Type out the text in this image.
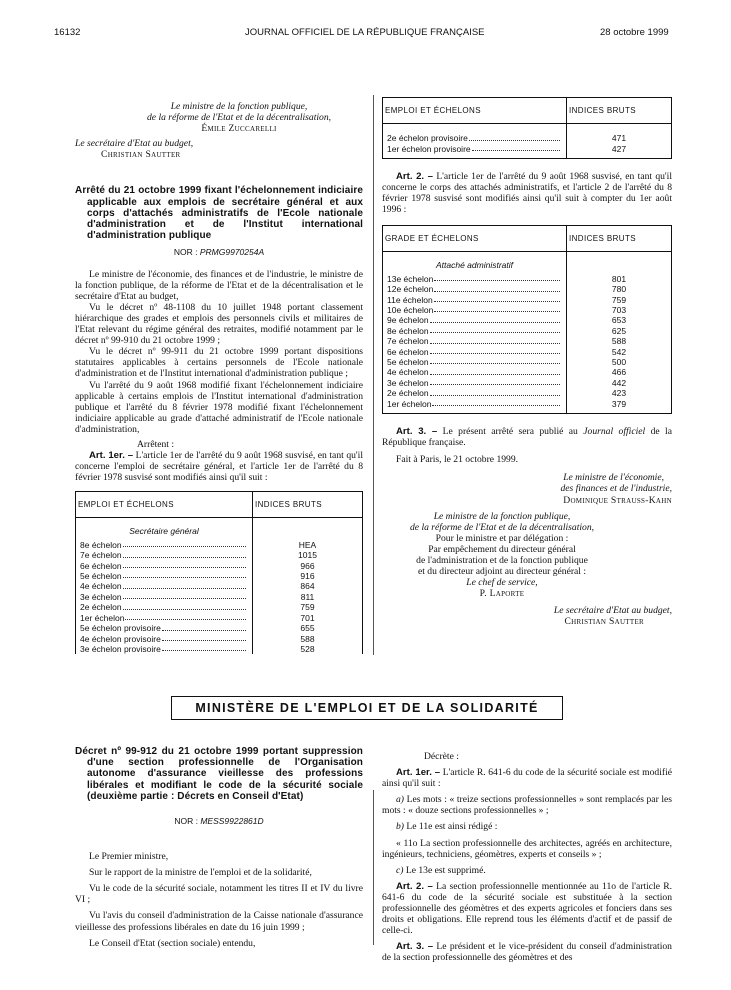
16132	JOURNAL OFFICIEL DE LA RÉPUBLIQUE FRANÇAISE	28 octobre 1999

Le ministre de la fonction publique,

de la réforme de l'Etat et de la décentralisation,

Émile Zuccarelli

Le secrétaire d'Etat au budget,

Christian Sautter

Arrêté du 21 octobre 1999 fixant l'échelonnement indiciaire applicable aux emplois de secrétaire général et aux corps d'attachés administratifs de l'Ecole nationale d'administration et de l'Institut international d'administration publique

NOR : PRMG9970254A

Le ministre de l'économie, des finances et de l'industrie, le ministre de la fonction publique, de la réforme de l'Etat et de la décentralisation et le secrétaire d'Etat au budget,

Vu le décret nº 48-1108 du 10 juillet 1948 portant classement hiérarchique des grades et emplois des personnels civils et militaires de l'Etat relevant du régime général des retraites, modifié notamment par le décret nº 99-910 du 21 octobre 1999 ;

Vu le décret nº 99-911 du 21 octobre 1999 portant dispositions statutaires applicables à certains personnels de l'Ecole nationale d'administration et de l'Institut international d'administration publique ;

Vu l'arrêté du 9 août 1968 modifié fixant l'échelonnement indiciaire applicable à certains emplois de l'Institut international d'administration publique et l'arrêté du 8 février 1978 modifié fixant l'échelonnement indiciaire applicable au grade d'attaché administratif de l'Ecole nationale d'administration,

Arrêtent :

Art. 1er. – L'article 1er de l'arrêté du 9 août 1968 susvisé, en tant qu'il concerne l'emploi de secrétaire général, et l'article 1er de l'arrêté du 8 février 1978 susvisé sont modifiés ainsi qu'il suit :

EMPLOI ET ÉCHELONS	INDICES BRUTS
Secrétaire général	

8e échelon	HEA

7e échelon	1015

6e échelon	966

5e échelon	916

4e échelon	864

3e échelon	811

2e échelon	759

1er échelon	701

5e échelon provisoire	655

4e échelon provisoire	588

3e échelon provisoire	528
EMPLOI ET ÉCHELONS	INDICES BRUTS

2e échelon provisoire	471

1er échelon provisoire	427

Art. 2. – L'article 1er de l'arrêté du 9 août 1968 susvisé, en tant qu'il concerne le corps des attachés administratifs, et l'article 2 de l'arrêté du 8 février 1978 susvisé sont modifiés ainsi qu'il suit à compter du 1er août 1996 :

GRADE ET ÉCHELONS	INDICES BRUTS
Attaché administratif	

13e échelon	801

12e échelon	780

11e échelon	759

10e échelon	703

9e échelon	653

8e échelon	625

7e échelon	588

6e échelon	542

5e échelon	500

4e échelon	466

3e échelon	442

2e échelon	423

1er échelon	379

Art. 3. – Le présent arrêté sera publié au Journal officiel de la République française.

Fait à Paris, le 21 octobre 1999.

Le ministre de l'économie,

des finances et de l'industrie,

Dominique Strauss-Kahn

Le ministre de la fonction publique,

de la réforme de l'Etat et de la décentralisation,

Pour le ministre et par délégation :

Par empêchement du directeur général

de l'administration et de la fonction publique

et du directeur adjoint au directeur général :

Le chef de service,

P. Laporte

Le secrétaire d'Etat au budget,

Christian Sautter

MINISTÈRE DE L'EMPLOI ET DE LA SOLIDARITÉ

Décret nº 99-912 du 21 octobre 1999 portant suppression d'une section professionnelle de l'Organisation autonome d'assurance vieillesse des professions libérales et modifiant le code de la sécurité sociale (deuxième partie : Décrets en Conseil d'Etat)

NOR : MESS9922861D

Le Premier ministre,

Sur le rapport de la ministre de l'emploi et de la solidarité,

Vu le code de la sécurité sociale, notamment les titres II et IV du livre VI ;

Vu l'avis du conseil d'administration de la Caisse nationale d'assurance vieillesse des professions libérales en date du 16 juin 1999 ;

Le Conseil d'Etat (section sociale) entendu,

Décrète :

Art. 1er. – L'article R. 641-6 du code de la sécurité sociale est modifié ainsi qu'il suit :

a) Les mots : « treize sections professionnelles » sont remplacés par les mots : « douze sections professionnelles » ;

b) Le 11e est ainsi rédigé :

« 11o La section professionnelle des architectes, agréés en architecture, ingénieurs, techniciens, géomètres, experts et conseils » ;

c) Le 13e est supprimé.

Art. 2. – La section professionnelle mentionnée au 11o de l'article R. 641-6 du code de la sécurité sociale est substituée à la section professionnelle des géomètres et des experts agricoles et fonciers dans ses droits et obligations. Elle reprend tous les éléments d'actif et de passif de celle-ci.

Art. 3. – Le président et le vice-président du conseil d'administration de la section professionnelle des géomètres et des
